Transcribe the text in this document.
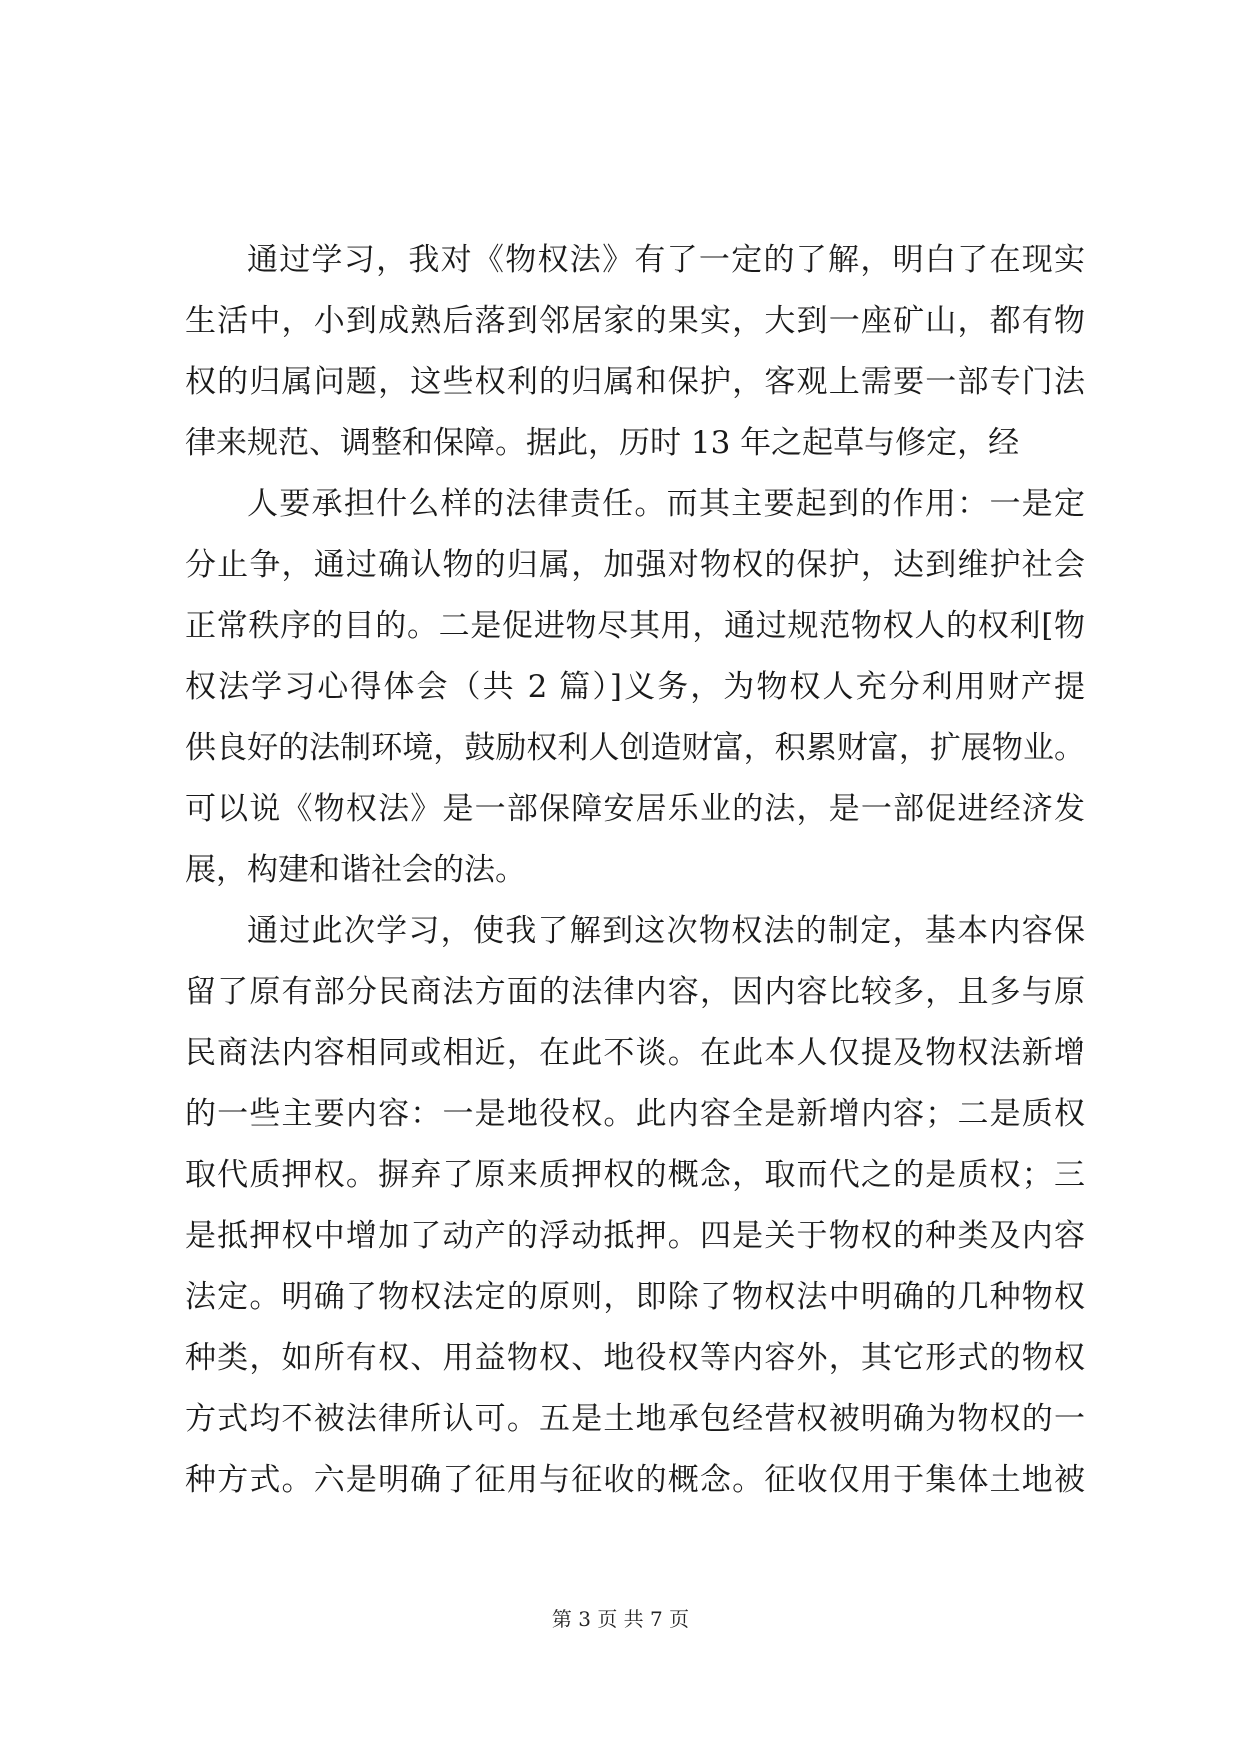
通过学习，我对《物权法》有了一定的了解，明白了在现实
生活中，小到成熟后落到邻居家的果实，大到一座矿山，都有物
权的归属问题，这些权利的归属和保护，客观上需要一部专门法
律来规范、调整和保障。据此，历时 13 年之起草与修定，经
人要承担什么样的法律责任。而其主要起到的作用：一是定
分止争，通过确认物的归属，加强对物权的保护，达到维护社会
正常秩序的目的。二是促进物尽其用，通过规范物权人的权利[物
权法学习心得体会（共 2 篇）]义务，为物权人充分利用财产提
供良好的法制环境，鼓励权利人创造财富，积累财富，扩展物业。
可以说《物权法》是一部保障安居乐业的法，是一部促进经济发
展，构建和谐社会的法。
通过此次学习，使我了解到这次物权法的制定，基本内容保
留了原有部分民商法方面的法律内容，因内容比较多，且多与原
民商法内容相同或相近，在此不谈。在此本人仅提及物权法新增
的一些主要内容：一是地役权。此内容全是新增内容；二是质权
取代质押权。摒弃了原来质押权的概念，取而代之的是质权；三
是抵押权中增加了动产的浮动抵押。四是关于物权的种类及内容
法定。明确了物权法定的原则，即除了物权法中明确的几种物权
种类，如所有权、用益物权、地役权等内容外，其它形式的物权
方式均不被法律所认可。五是土地承包经营权被明确为物权的一
种方式。六是明确了征用与征收的概念。征收仅用于集体土地被
第 3 页 共 7 页
